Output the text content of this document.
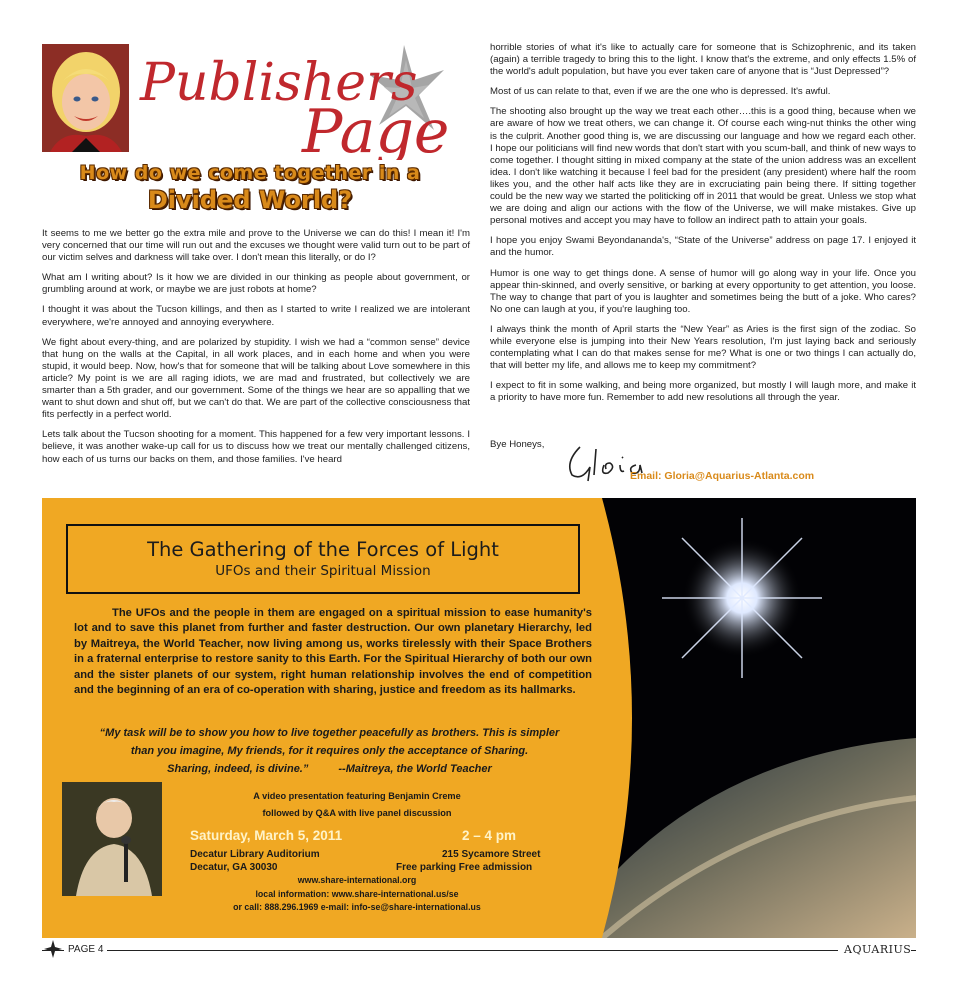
Publishers
Page
How do we come together in a
Divided World?

It seems to me we better go the extra mile and prove to the Universe we can do this! I mean it! I'm very concerned that our time will run out and the excuses we thought were valid turn out to be part of our victim selves and darkness will take over. I don't mean this literally, or do I?

What am I writing about? Is it how we are divided in our thinking as people about government, or grumbling around at work, or maybe we are just robots at home?

I thought it was about the Tucson killings, and then as I started to write I realized we are intolerant everywhere, we're annoyed and annoying everywhere.

We fight about every-thing, and are polarized by stupidity. I wish we had a “common sense” device that hung on the walls at the Capital, in all work places, and in each home and when you were stupid, it would beep. Now, how's that for someone that will be talking about Love somewhere in this article? My point is we are all raging idiots, we are mad and frustrated, but collectively we are smarter than a 5th grader, and our government. Some of the things we hear are so appalling that we want to shut down and shut off, but we can't do that. We are part of the collective consciousness that fits perfectly in a perfect world.

Lets talk about the Tucson shooting for a moment. This happened for a few very important lessons. I believe, it was another wake-up call for us to discuss how we treat our mentally challenged citizens, how each of us turns our backs on them, and those families. I've heard

horrible stories of what it's like to actually care for someone that is Schizophrenic, and its taken (again) a terrible tragedy to bring this to the light. I know that's the extreme, and only effects 1.5% of the world's adult population, but have you ever taken care of anyone that is “Just Depressed”?

Most of us can relate to that, even if we are the one who is depressed. It's awful.

The shooting also brought up the way we treat each other….this is a good thing, because when we are aware of how we treat others, we can change it. Of course each wing-nut thinks the other wing is the culprit. Another good thing is, we are discussing our language and how we regard each other. I hope our politicians will find new words that don't start with you scum-ball, and think of new ways to come together. I thought sitting in mixed company at the state of the union address was an excellent idea. I don't like watching it because I feel bad for the president (any president) where half the room likes you, and the other half acts like they are in excruciating pain being there. If sitting together could be the new way we started the politicking off in 2011 that would be great. Unless we stop what we are doing and align our actions with the flow of the Universe, we will make mistakes. Give up personal motives and accept you may have to follow an indirect path to attain your goals.

I hope you enjoy Swami Beyondananda's, “State of the Universe” address on page 17. I enjoyed it and the humor.

Humor is one way to get things done. A sense of humor will go along way in your life. Once you appear thin-skinned, and overly sensitive, or barking at every opportunity to get attention, you loose. The way to change that part of you is laughter and sometimes being the butt of a joke. Who cares? No one can laugh at you, if you're laughing too.

I always think the month of April starts the “New Year” as Aries is the first sign of the zodiac. So while everyone else is jumping into their New Years resolution, I'm just laying back and seriously contemplating what I can do that makes sense for me? What is one or two things I can actually do, that will better my life, and allows me to keep my commitment?

I expect to fit in some walking, and being more organized, but mostly I will laugh more, and make it a priority to have more fun. Remember to add new resolutions all through the year.

Bye Honeys,
Email: Gloria@Aquarius-Atlanta.com
The Gathering of the Forces of Light
UFOs and their Spiritual Mission
The UFOs and the people in them are engaged on a spiritual mission to ease humanity's lot and to save this planet from further and faster destruction. Our own planetary Hierarchy, led by Maitreya, the World Teacher, now living among us, works tirelessly with their Space Brothers in a fraternal enterprise to restore sanity to this Earth. For the Spiritual Hierarchy of both our own and the sister planets of our system, right human relationship involves the end of competition and the beginning of an era of co-operation with sharing, justice and freedom as its hallmarks.
“My task will be to show you how to live together peacefully as brothers. This is simpler
than you imagine, My friends, for it requires only the acceptance of Sharing.
Sharing, indeed, is divine.”	--Maitreya, the World Teacher
A video presentation featuring Benjamin Creme
followed by Q&A with live panel discussion
Saturday, March 5, 2011	2 – 4 pm
Decatur Library Auditorium	215 Sycamore Street
Decatur, GA 30030	Free parking Free admission
www.share-international.org
local information: www.share-international.us/se
or call: 888.296.1969 e-mail: info-se@share-international.us
PAGE 4	AQUARIUS
